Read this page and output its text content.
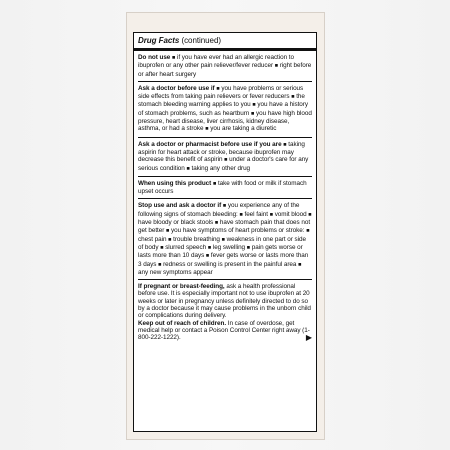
Drug Facts (continued)
Do not use ■ if you have ever had an allergic reaction to ibuprofen or any other pain reliever/fever reducer ■ right before or after heart surgery
Ask a doctor before use if ■ you have problems or serious side effects from taking pain relievers or fever reducers ■ the stomach bleeding warning applies to you ■ you have a history of stomach problems, such as heartburn ■ you have high blood pressure, heart disease, liver cirrhosis, kidney disease, asthma, or had a stroke ■ you are taking a diuretic
Ask a doctor or pharmacist before use if you are ■ taking aspirin for heart attack or stroke, because ibuprofen may decrease this benefit of aspirin ■ under a doctor's care for any serious condition ■ taking any other drug
When using this product ■ take with food or milk if stomach upset occurs
Stop use and ask a doctor if ■ you experience any of the following signs of stomach bleeding: ■ feel faint ■ vomit blood ■ have bloody or black stools ■ have stomach pain that does not get better ■ you have symptoms of heart problems or stroke: ■ chest pain ■ trouble breathing ■ weakness in one part or side of body ■ slurred speech ■ leg swelling ■ pain gets worse or lasts more than 10 days ■ fever gets worse or lasts more than 3 days ■ redness or swelling is present in the painful area ■ any new symptoms appear
If pregnant or breast-feeding, ask a health professional before use. It is especially important not to use ibuprofen at 20 weeks or later in pregnancy unless definitely directed to do so by a doctor because it may cause problems in the unborn child or complications during delivery.
Keep out of reach of children. In case of overdose, get medical help or contact a Poison Control Center right away (1-800-222-1222).	▶
